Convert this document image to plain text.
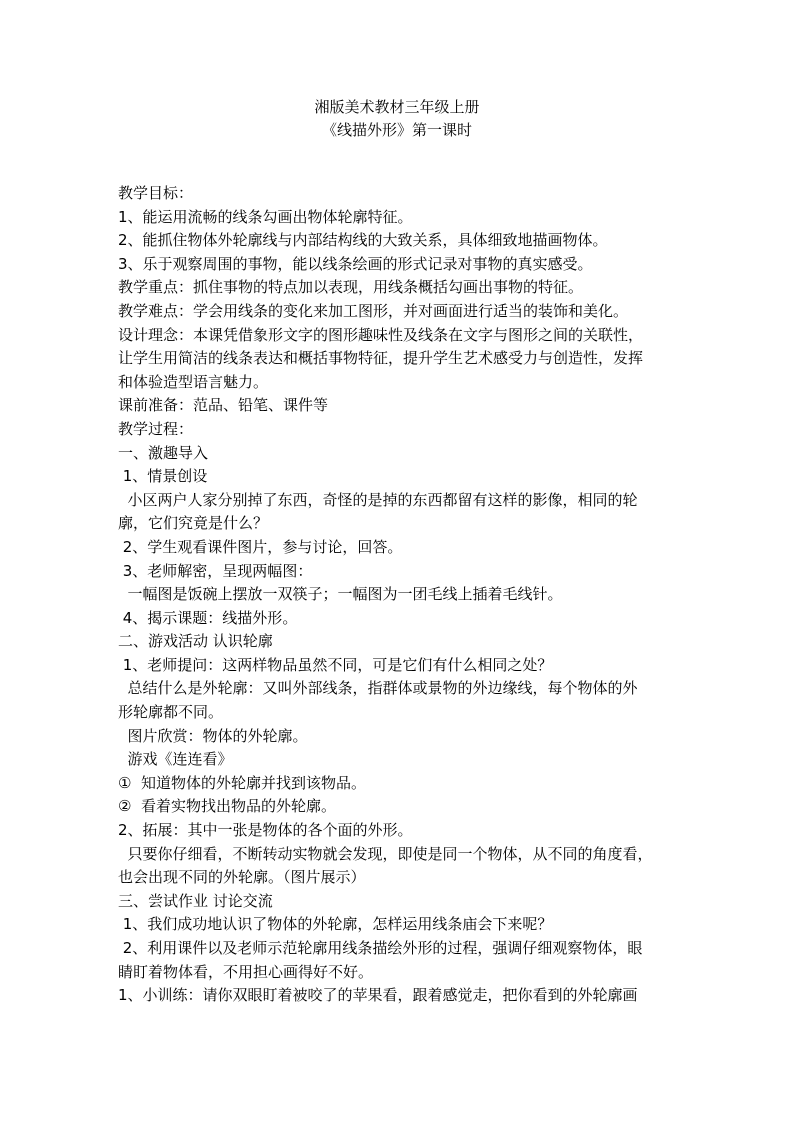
湘版美术教材三年级上册
《线描外形》第一课时
教学目标：
1、能运用流畅的线条勾画出物体轮廓特征。
2、能抓住物体外轮廓线与内部结构线的大致关系，具体细致地描画物体。
3、乐于观察周围的事物，能以线条绘画的形式记录对事物的真实感受。
教学重点：抓住事物的特点加以表现，用线条概括勾画出事物的特征。
教学难点：学会用线条的变化来加工图形，并对画面进行适当的装饰和美化。
设计理念：本课凭借象形文字的图形趣味性及线条在文字与图形之间的关联性，
让学生用简洁的线条表达和概括事物特征，提升学生艺术感受力与创造性，发挥
和体验造型语言魅力。
课前准备：范品、铅笔、课件等
教学过程：
一、激趣导入
1、情景创设
小区两户人家分别掉了东西，奇怪的是掉的东西都留有这样的影像，相同的轮
廓，它们究竟是什么？
2、学生观看课件图片，参与讨论，回答。
3、老师解密，呈现两幅图：
一幅图是饭碗上摆放一双筷子；一幅图为一团毛线上插着毛线针。
4、揭示课题：线描外形。
二、游戏活动 认识轮廓
1、老师提问：这两样物品虽然不同，可是它们有什么相同之处？
总结什么是外轮廓：又叫外部线条，指群体或景物的外边缘线，每个物体的外
形轮廓都不同。
图片欣赏：物体的外轮廓。
游戏《连连看》
①  知道物体的外轮廓并找到该物品。
②  看着实物找出物品的外轮廓。
2、拓展：其中一张是物体的各个面的外形。
只要你仔细看，不断转动实物就会发现，即使是同一个物体，从不同的角度看，
也会出现不同的外轮廓。（图片展示）
三、尝试作业 讨论交流
1、我们成功地认识了物体的外轮廓，怎样运用线条庙会下来呢？
2、利用课件以及老师示范轮廓用线条描绘外形的过程，强调仔细观察物体，眼
睛盯着物体看，不用担心画得好不好。
1、小训练：请你双眼盯着被咬了的苹果看，跟着感觉走，把你看到的外轮廓画
